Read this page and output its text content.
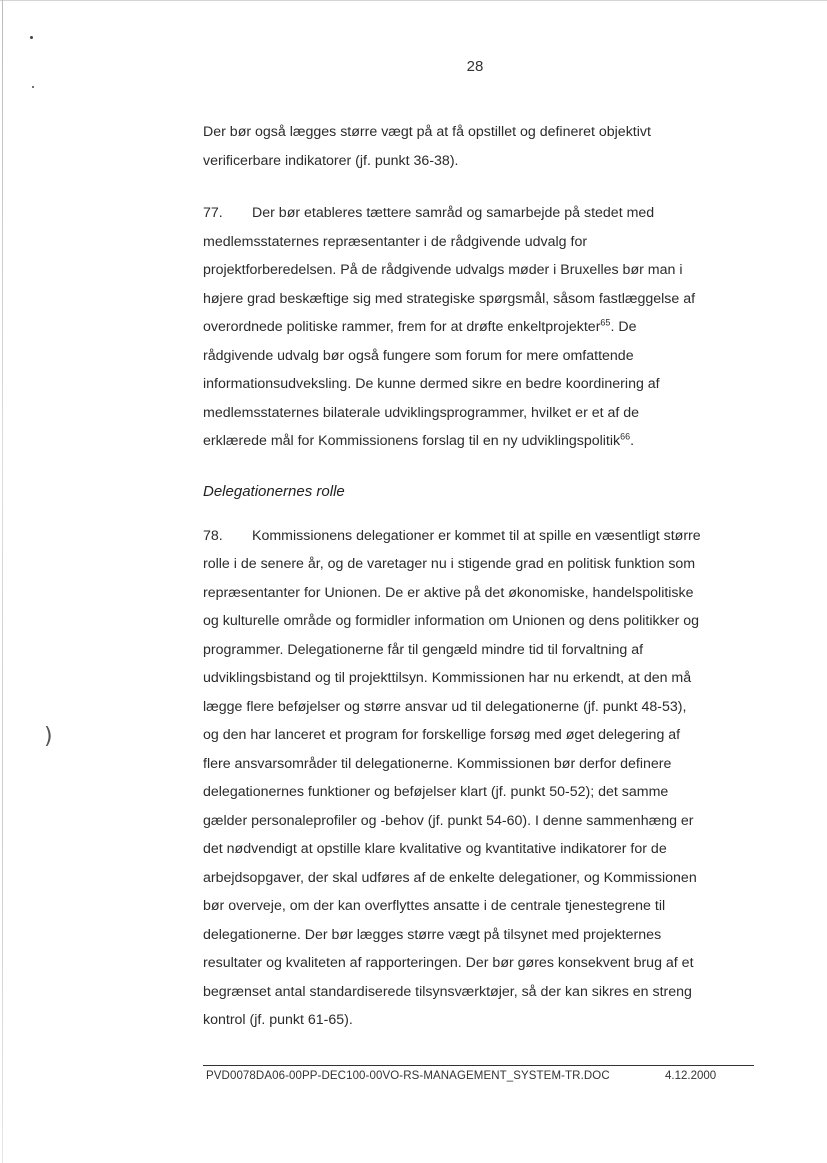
)
28

Der bør også lægges større vægt på at få opstillet og defineret objektivt
verificerbare indikatorer (jf. punkt 36-38).

77. Der bør etableres tættere samråd og samarbejde på stedet med
medlemsstaternes repræsentanter i de rådgivende udvalg for
projektforberedelsen. På de rådgivende udvalgs møder i Bruxelles bør man i
højere grad beskæftige sig med strategiske spørgsmål, såsom fastlæggelse af
overordnede politiske rammer, frem for at drøfte enkeltprojekter$^{65}$. De
rådgivende udvalg bør også fungere som forum for mere omfattende
informationsudveksling. De kunne dermed sikre en bedre koordinering af
medlemsstaternes bilaterale udviklingsprogrammer, hvilket er et af de
erklærede mål for Kommissionens forslag til en ny udviklingspolitik$^{66}$.

Delegationernes rolle

78. Kommissionens delegationer er kommet til at spille en væsentligt større
rolle i de senere år, og de varetager nu i stigende grad en politisk funktion som
repræsentanter for Unionen. De er aktive på det økonomiske, handelspolitiske
og kulturelle område og formidler information om Unionen og dens politikker og
programmer. Delegationerne får til gengæld mindre tid til forvaltning af
udviklingsbistand og til projekttilsyn. Kommissionen har nu erkendt, at den må
lægge flere beføjelser og større ansvar ud til delegationerne (jf. punkt 48-53),
og den har lanceret et program for forskellige forsøg med øget delegering af
flere ansvarsområder til delegationerne. Kommissionen bør derfor definere
delegationernes funktioner og beføjelser klart (jf. punkt 50-52); det samme
gælder personaleprofiler og -behov (jf. punkt 54-60). I denne sammenhæng er
det nødvendigt at opstille klare kvalitative og kvantitative indikatorer for de
arbejdsopgaver, der skal udføres af de enkelte delegationer, og Kommissionen
bør overveje, om der kan overflyttes ansatte i de centrale tjenestegrene til
delegationerne. Der bør lægges større vægt på tilsynet med projekternes
resultater og kvaliteten af rapporteringen. Der bør gøres konsekvent brug af et
begrænset antal standardiserede tilsynsværktøjer, så der kan sikres en streng
kontrol (jf. punkt 61-65).

PVD0078DA06-00PP-DEC100-00VO-RS-MANAGEMENT_SYSTEM-TR.DOC	4.12.2000
